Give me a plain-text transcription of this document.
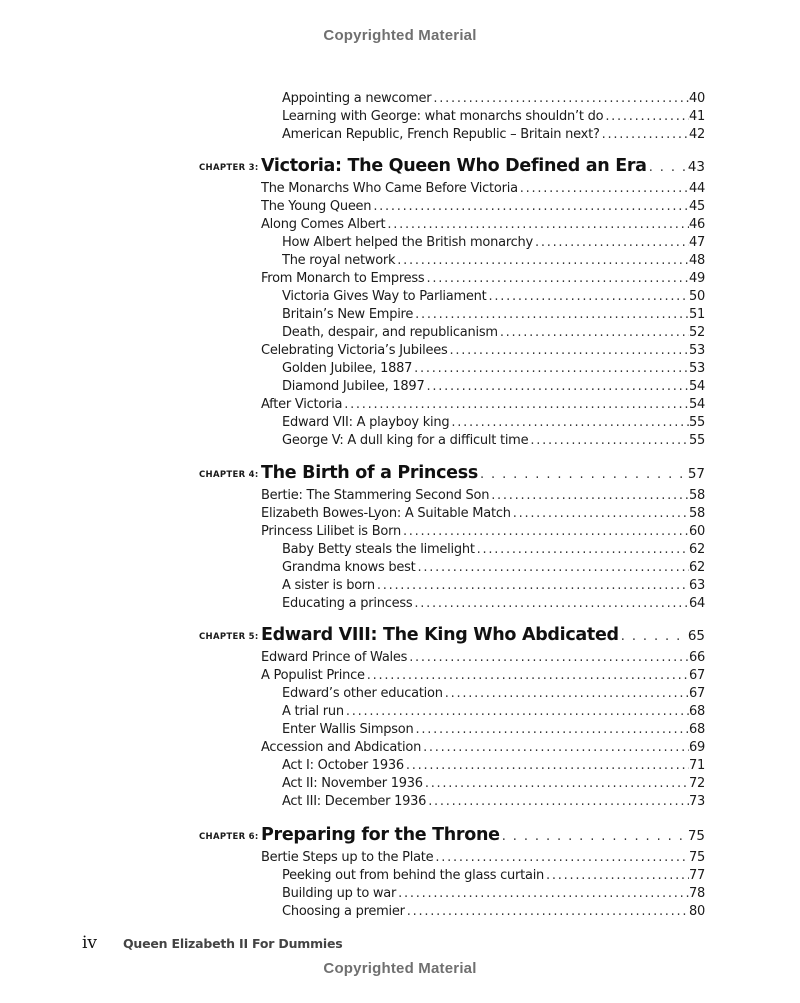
Copyrighted Material
Appointing a newcomer . . .	40
Learning with George: what monarchs shouldn’t do . . .	41
American Republic, French Republic – Britain next? . . .	42
CHAPTER 3: Victoria: The Queen Who Defined an Era . . .	43
The Monarchs Who Came Before Victoria . . .	44
The Young Queen . . .	45
Along Comes Albert . . .	46
How Albert helped the British monarchy . . .	47
The royal network . . .	48
From Monarch to Empress . . .	49
Victoria Gives Way to Parliament . . .	50
Britain’s New Empire . . .	51
Death, despair, and republicanism . . .	52
Celebrating Victoria’s Jubilees . . .	53
Golden Jubilee, 1887 . . .	53
Diamond Jubilee, 1897 . . .	54
After Victoria . . .	54
Edward VII: A playboy king . . .	55
George V: A dull king for a difficult time . . .	55
CHAPTER 4: The Birth of a Princess . . .	57
Bertie: The Stammering Second Son . . .	58
Elizabeth Bowes-Lyon: A Suitable Match . . .	58
Princess Lilibet is Born . . .	60
Baby Betty steals the limelight . . .	62
Grandma knows best . . .	62
A sister is born . . .	63
Educating a princess . . .	64
CHAPTER 5: Edward VIII: The King Who Abdicated . . .	65
Edward Prince of Wales . . .	66
A Populist Prince . . .	67
Edward’s other education . . .	67
A trial run . . .	68
Enter Wallis Simpson . . .	68
Accession and Abdication . . .	69
Act I: October 1936 . . .	71
Act II: November 1936 . . .	72
Act III: December 1936 . . .	73
CHAPTER 6: Preparing for the Throne . . .	75
Bertie Steps up to the Plate . . .	75
Peeking out from behind the glass curtain . . .	77
Building up to war . . .	78
Choosing a premier . . .	80
iv	Queen Elizabeth II For Dummies
Copyrighted Material
